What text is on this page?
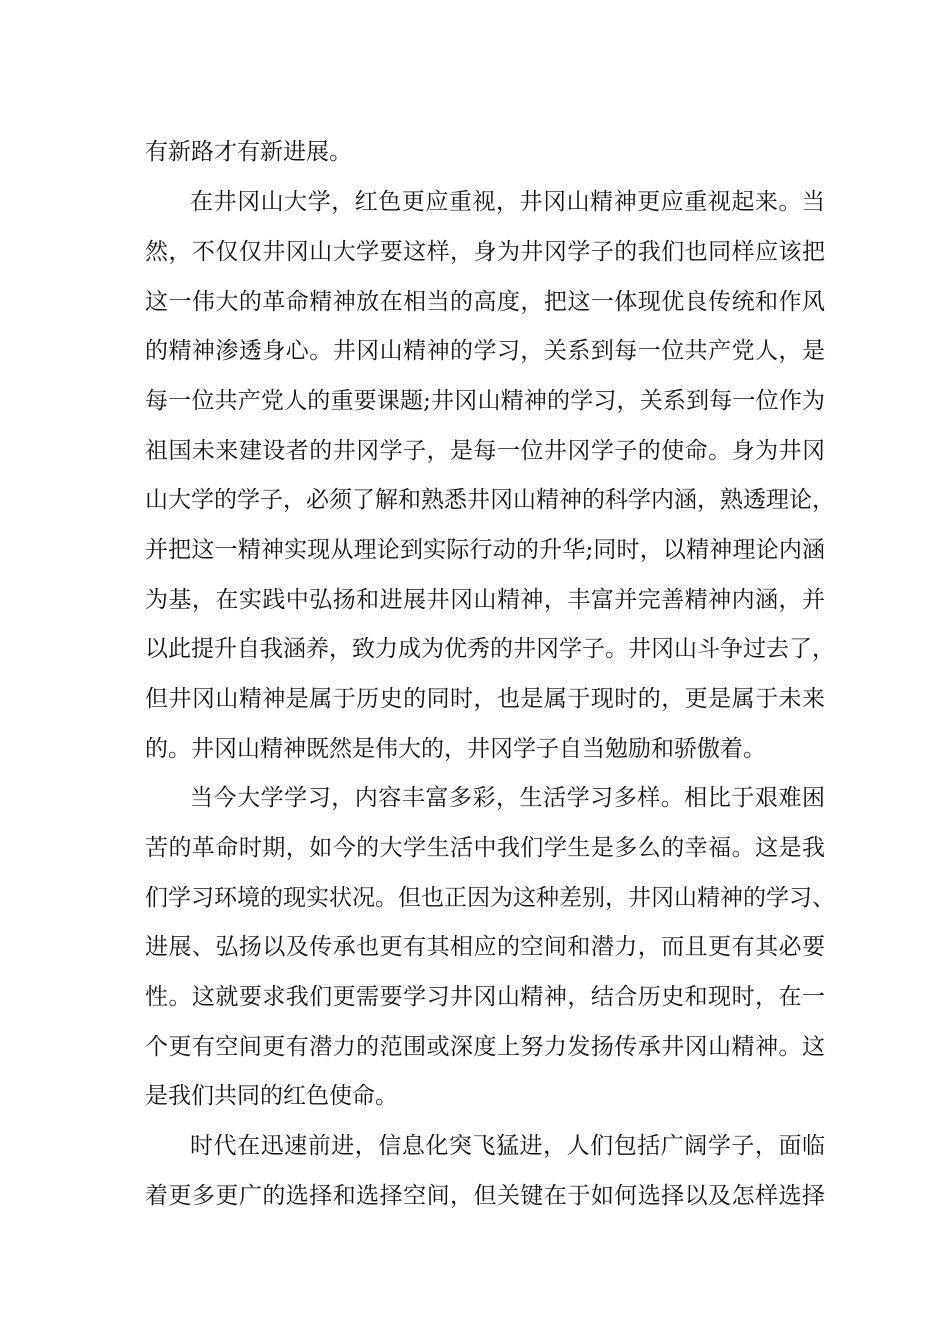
有新路才有新进展。
在井冈山大学，红色更应重视，井冈山精神更应重视起来。当
然，不仅仅井冈山大学要这样，身为井冈学子的我们也同样应该把
这一伟大的革命精神放在相当的高度，把这一体现优良传统和作风
的精神渗透身心。井冈山精神的学习，关系到每一位共产党人，是
每一位共产党人的重要课题;井冈山精神的学习，关系到每一位作为
祖国未来建设者的井冈学子，是每一位井冈学子的使命。身为井冈
山大学的学子，必须了解和熟悉井冈山精神的科学内涵，熟透理论，
并把这一精神实现从理论到实际行动的升华;同时，以精神理论内涵
为基，在实践中弘扬和进展井冈山精神，丰富并完善精神内涵，并
以此提升自我涵养，致力成为优秀的井冈学子。井冈山斗争过去了，
但井冈山精神是属于历史的同时，也是属于现时的，更是属于未来
的。井冈山精神既然是伟大的，井冈学子自当勉励和骄傲着。
当今大学学习，内容丰富多彩，生活学习多样。相比于艰难困
苦的革命时期，如今的大学生活中我们学生是多么的幸福。这是我
们学习环境的现实状况。但也正因为这种差别，井冈山精神的学习、
进展、弘扬以及传承也更有其相应的空间和潜力，而且更有其必要
性。这就要求我们更需要学习井冈山精神，结合历史和现时，在一
个更有空间更有潜力的范围或深度上努力发扬传承井冈山精神。这
是我们共同的红色使命。
时代在迅速前进，信息化突飞猛进，人们包括广阔学子，面临
着更多更广的选择和选择空间，但关键在于如何选择以及怎样选择
